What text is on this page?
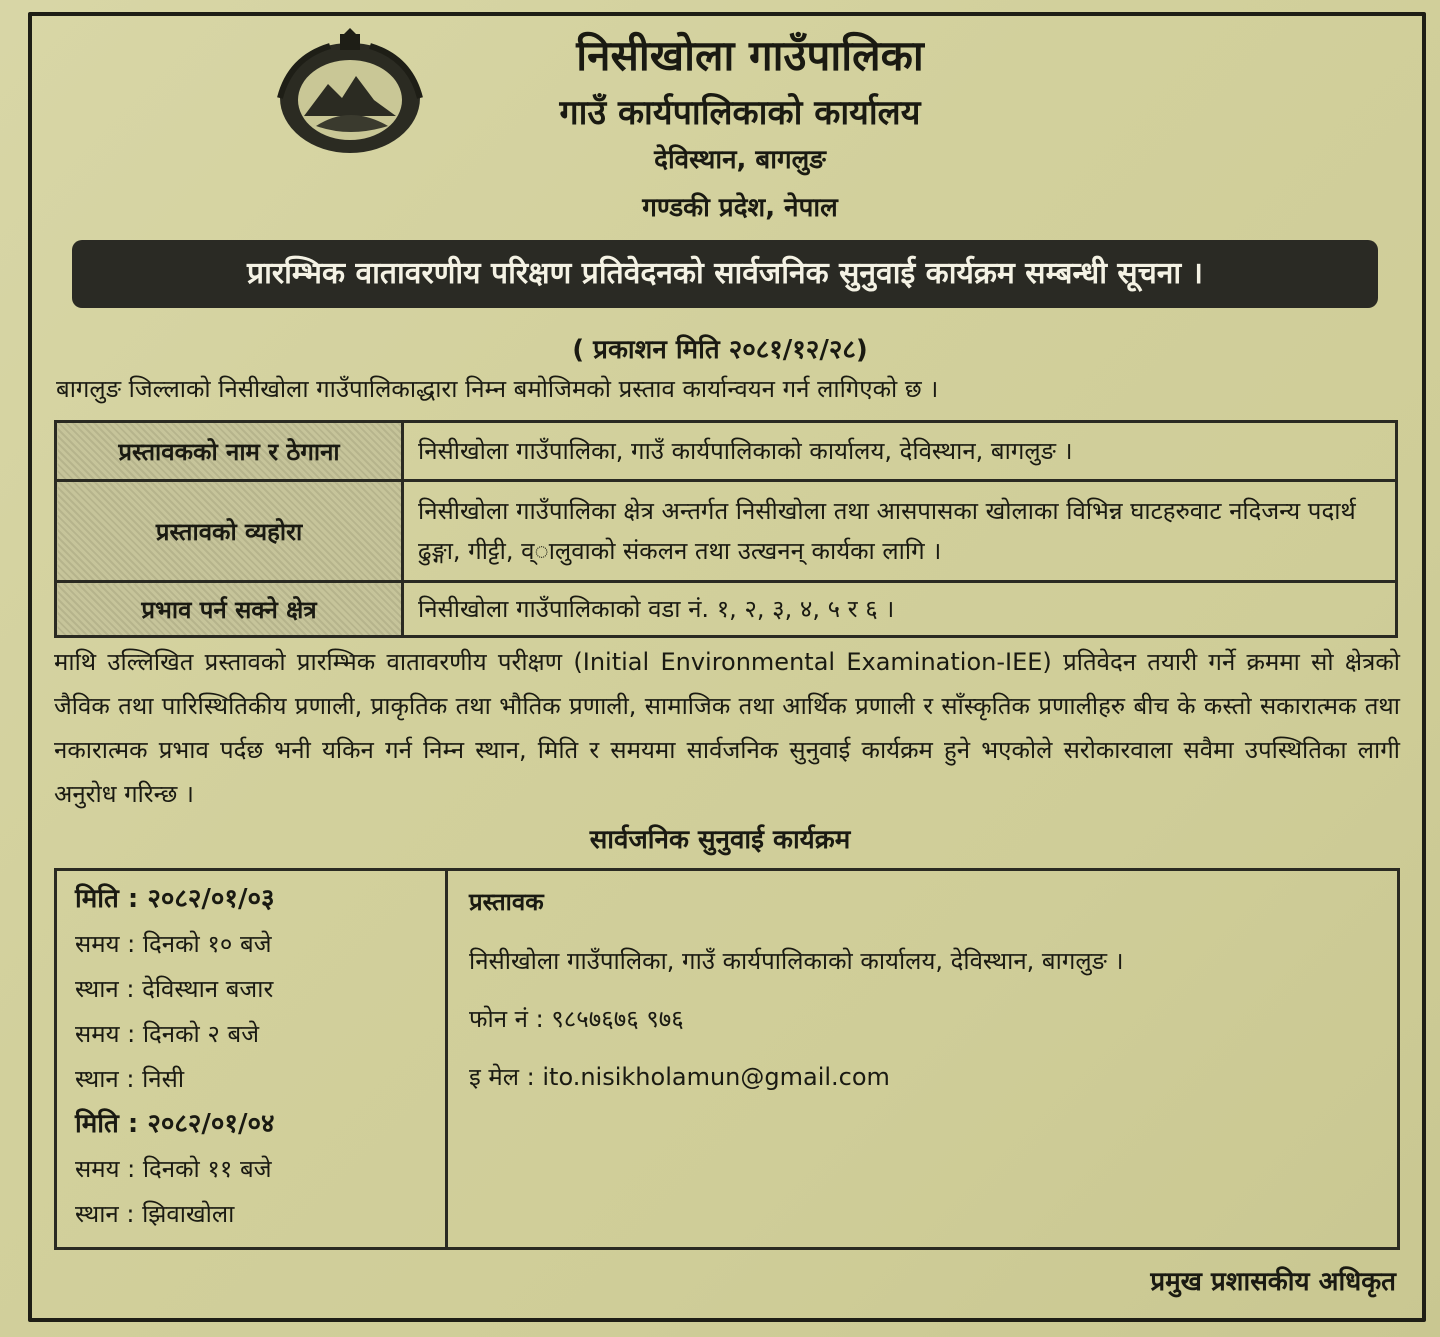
निसीखोला गाउँपालिका
गाउँ कार्यपालिकाको कार्यालय
देविस्थान, बागलुङ
गण्डकी प्रदेश, नेपाल
प्रारम्भिक वातावरणीय परिक्षण प्रतिवेदनको सार्वजनिक सुनुवाई कार्यक्रम सम्बन्धी सूचना ।
( प्रकाशन मिति २०८१/१२/२८)
बागलुङ जिल्लाको निसीखोला गाउँपालिकाद्धारा निम्न बमोजिमको प्रस्ताव कार्यान्वयन गर्न लागिएको छ ।
प्रस्तावकको नाम र ठेगाना	निसीखोला गाउँपालिका, गाउँ कार्यपालिकाको कार्यालय, देविस्थान, बागलुङ ।
प्रस्तावको व्यहोरा	निसीखोला गाउँपालिका क्षेत्र अन्तर्गत निसीखोला तथा आसपासका खोलाका विभिन्न घाटहरुवाट नदिजन्य पदार्थ ढुङ्गा, गीट्टी, व्ालुवाको संकलन तथा उत्खनन् कार्यका लागि ।
प्रभाव पर्न सक्ने क्षेत्र	निसीखोला गाउँपालिकाको वडा नं. १, २, ३, ४, ५ र ६ ।
माथि उल्लिखित प्रस्तावको प्रारम्भिक वातावरणीय परीक्षण (Initial Environmental Examination-IEE) प्रतिवेदन तयारी गर्ने क्रममा सो क्षेत्रको जैविक तथा पारिस्थितिकीय प्रणाली, प्राकृतिक तथा भौतिक प्रणाली, सामाजिक तथा आर्थिक प्रणाली र साँस्कृतिक प्रणालीहरु बीच के कस्तो सकारात्मक तथा नकारात्मक प्रभाव पर्दछ भनी यकिन गर्न निम्न स्थान, मिति र समयमा सार्वजनिक सुनुवाई कार्यक्रम हुने भएकोले सरोकारवाला सवैमा उपस्थितिका लागी अनुरोध गरिन्छ ।
सार्वजनिक सुनुवाई कार्यक्रम
मिति : २०८२/०१/०३
समय : दिनको १० बजे
स्थान : देविस्थान बजार
समय : दिनको २ बजे
स्थान : निसी
मिति : २०८२/०१/०४
समय : दिनको ११ बजे
स्थान : झिवाखोला
प्रस्तावक
निसीखोला गाउँपालिका, गाउँ कार्यपालिकाको कार्यालय, देविस्थान, बागलुङ ।
फोन नं : ९८५७६७६ ९७६
इ मेल : ito.nisikholamun@gmail.com
प्रमुख प्रशासकीय अधिकृत
